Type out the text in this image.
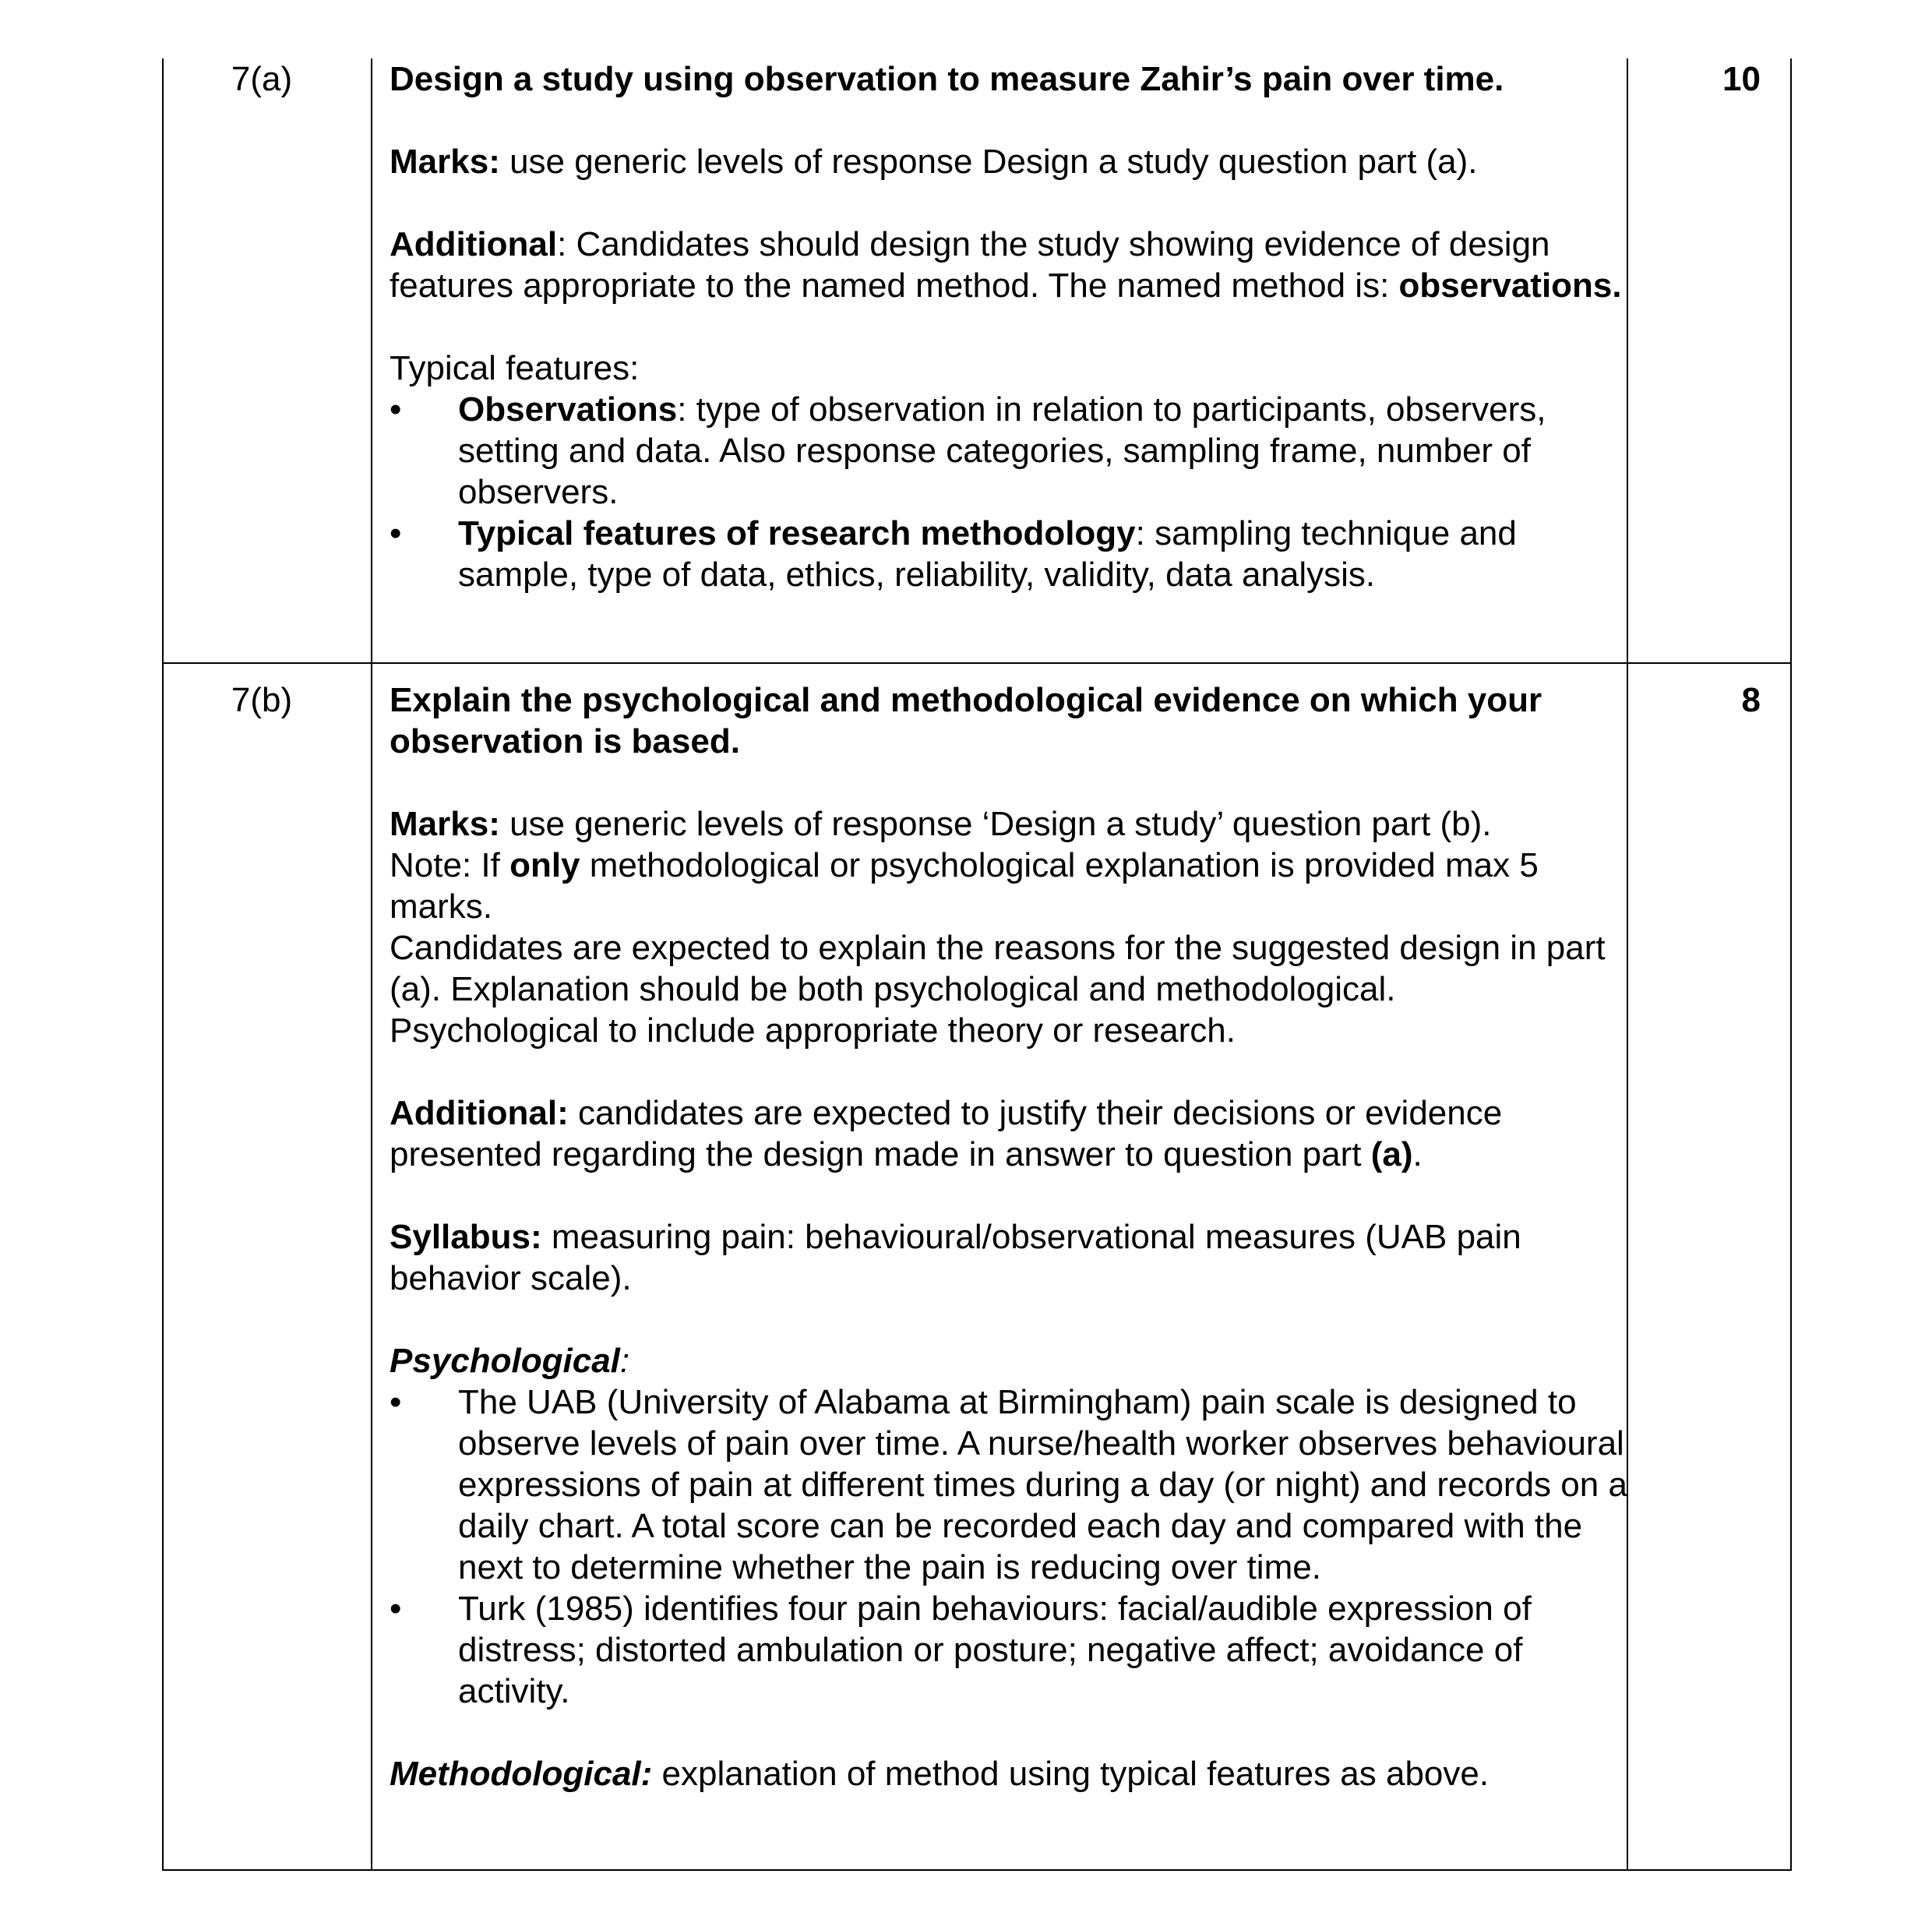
7(a)	10

Design a study using observation to measure Zahir’s pain over time.

Marks: use generic levels of response Design a study question part (a).

Additional: Candidates should design the study showing evidence of design features appropriate to the named method. The named method is: observations.

Typical features:

• Observations: type of observation in relation to participants, observers, setting and data. Also response categories, sampling frame, number of observers.
• Typical features of research methodology: sampling technique and sample, type of data, ethics, reliability, validity, data analysis.
7(b)	8

Explain the psychological and methodological evidence on which your observation is based.

Marks: use generic levels of response ‘Design a study’ question part (b).

Note: If only methodological or psychological explanation is provided max 5 marks.

Candidates are expected to explain the reasons for the suggested design in part (a). Explanation should be both psychological and methodological.

Psychological to include appropriate theory or research.

Additional: candidates are expected to justify their decisions or evidence presented regarding the design made in answer to question part (a).

Syllabus: measuring pain: behavioural/observational measures (UAB pain behavior scale).

Psychological:

• The UAB (University of Alabama at Birmingham) pain scale is designed to observe levels of pain over time. A nurse/health worker observes behavioural expressions of pain at different times during a day (or night) and records on a daily chart. A total score can be recorded each day and compared with the next to determine whether the pain is reducing over time.
• Turk (1985) identifies four pain behaviours: facial/audible expression of distress; distorted ambulation or posture; negative affect; avoidance of activity.

Methodological: explanation of method using typical features as above.
